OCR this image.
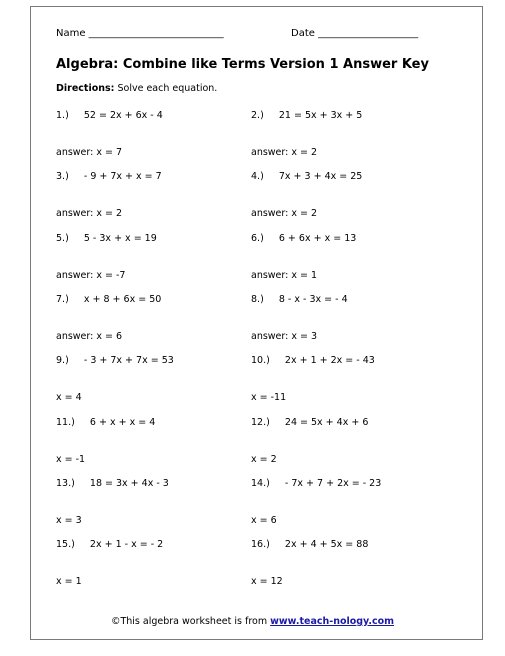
Name ___________________________	Date ____________________
Algebra: Combine like Terms Version 1 Answer Key
Directions: Solve each equation.
1.)     52 = 2x + 6x - 4
answer: x = 7
2.)     21 = 5x + 3x + 5
answer: x = 2
3.)     - 9 + 7x + x = 7
answer: x = 2
4.)     7x + 3 + 4x = 25
answer: x = 2
5.)     5 - 3x + x = 19
answer: x = -7
6.)     6 + 6x + x = 13
answer: x = 1
7.)     x + 8 + 6x = 50
answer: x = 6
8.)     8 - x - 3x = - 4
answer: x = 3
9.)     - 3 + 7x + 7x = 53
x = 4
10.)     2x + 1 + 2x = - 43
x = -11
11.)     6 + x + x = 4
x = -1
12.)     24 = 5x + 4x + 6
x = 2
13.)     18 = 3x + 4x - 3
x = 3
14.)     - 7x + 7 + 2x = - 23
x = 6
15.)     2x + 1 - x = - 2
x = 1
16.)     2x + 4 + 5x = 88
x = 12
©This algebra worksheet is from www.teach-nology.com
